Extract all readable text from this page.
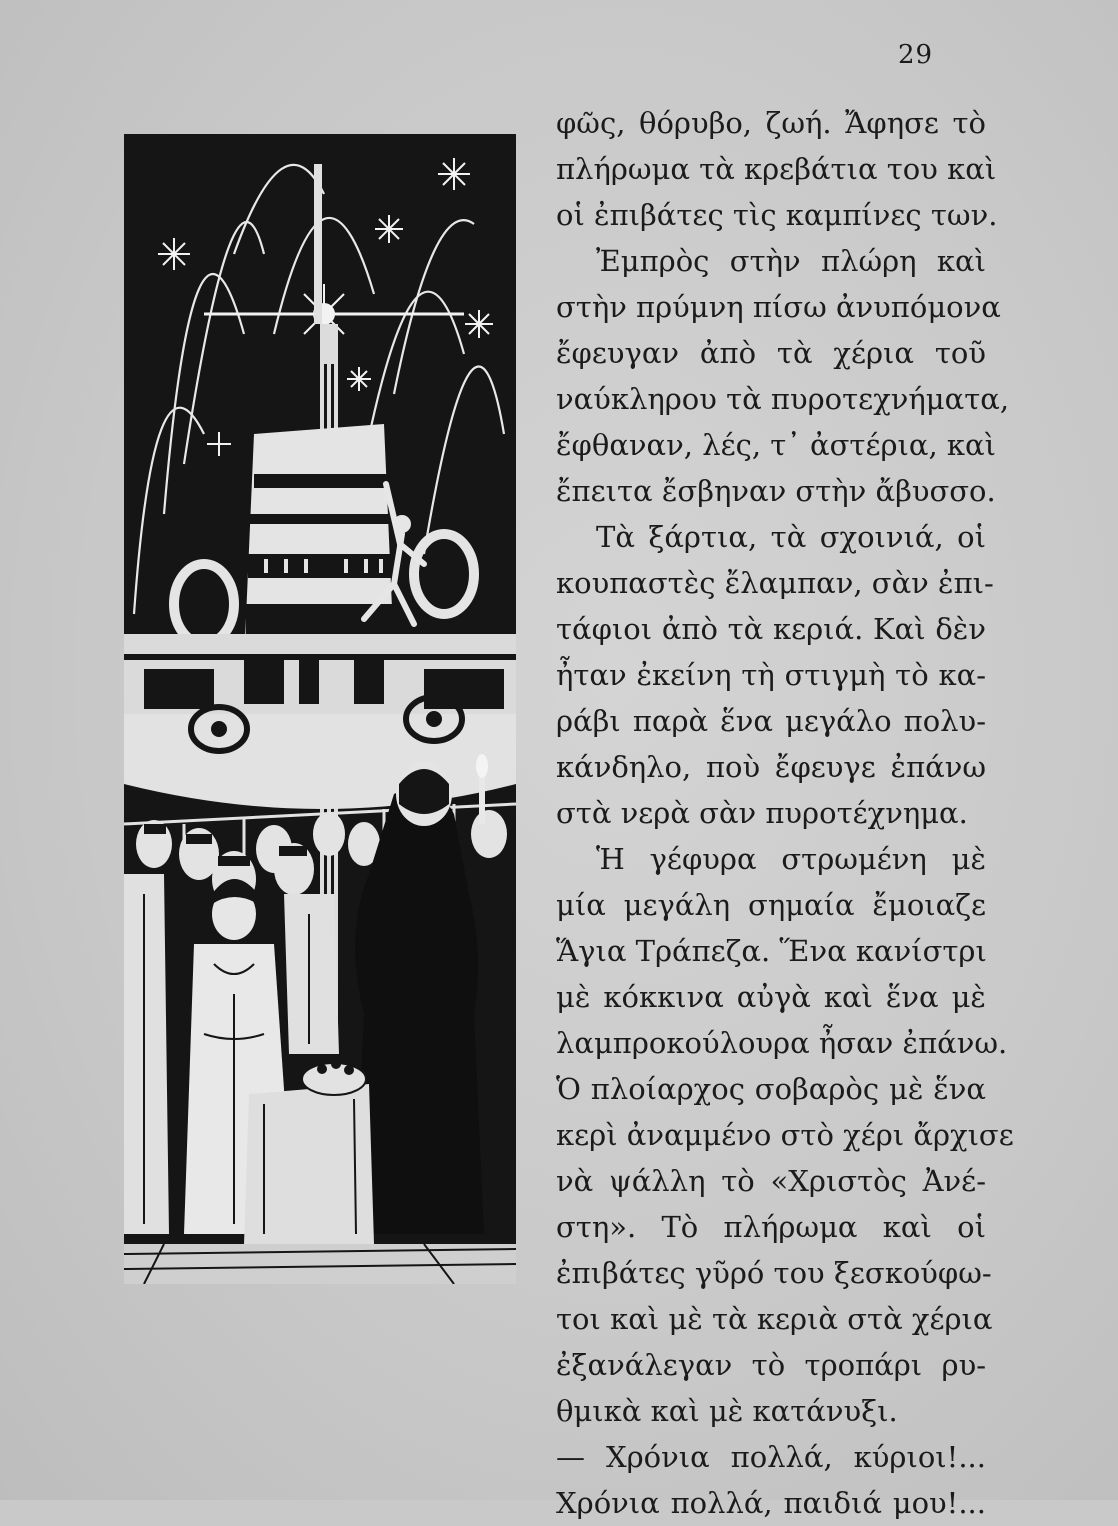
29
φῶς, θόρυβο, ζωή. Ἄφησε τὸ
πλήρωμα τὰ κρεβάτια του καὶ
οἱ ἐπιβάτες τὶς καμπίνες των.
Ἐμπρὸς στὴν πλώρη καὶ
στὴν πρύμνη πίσω ἀνυπόμονα
ἔφευγαν ἀπὸ τὰ χέρια τοῦ
ναύκληρου τὰ πυροτεχνήματα,
ἔφθαναν, λές, τ᾽ ἀστέρια, καὶ
ἔπειτα ἔσβηναν στὴν ἄβυσσο.
Τὰ ξάρτια, τὰ σχοινιά, οἱ
κουπαστὲς ἔλαμπαν, σὰν ἐπι-
τάφιοι ἀπὸ τὰ κεριά. Καὶ δὲν
ἦταν ἐκείνη τὴ στιγμὴ τὸ κα-
ράβι παρὰ ἕνα μεγάλο πολυ-
κάνδηλο, ποὺ ἔφευγε ἐπάνω
στὰ νερὰ σὰν πυροτέχνημα.
Ἡ γέφυρα στρωμένη μὲ
μία μεγάλη σημαία ἔμοιαζε
Ἅγια Τράπεζα. Ἕνα κανίστρι
μὲ κόκκινα αὐγὰ καὶ ἕνα μὲ
λαμπροκούλουρα ἦσαν ἐπάνω.
Ὁ πλοίαρχος σοβαρὸς μὲ ἕνα
κερὶ ἀναμμένο στὸ χέρι ἄρχισε
νὰ ψάλλη τὸ «Χριστὸς Ἀνέ-
στη». Τὸ πλήρωμα καὶ οἱ
ἐπιβάτες γῦρό του ξεσκούφω-
τοι καὶ μὲ τὰ κεριὰ στὰ χέρια
ἐξανάλεγαν τὸ τροπάρι ρυ-
θμικὰ καὶ μὲ κατάνυξι.
— Χρόνια πολλά, κύριοι!...
Χρόνια πολλά, παιδιά μου!...
